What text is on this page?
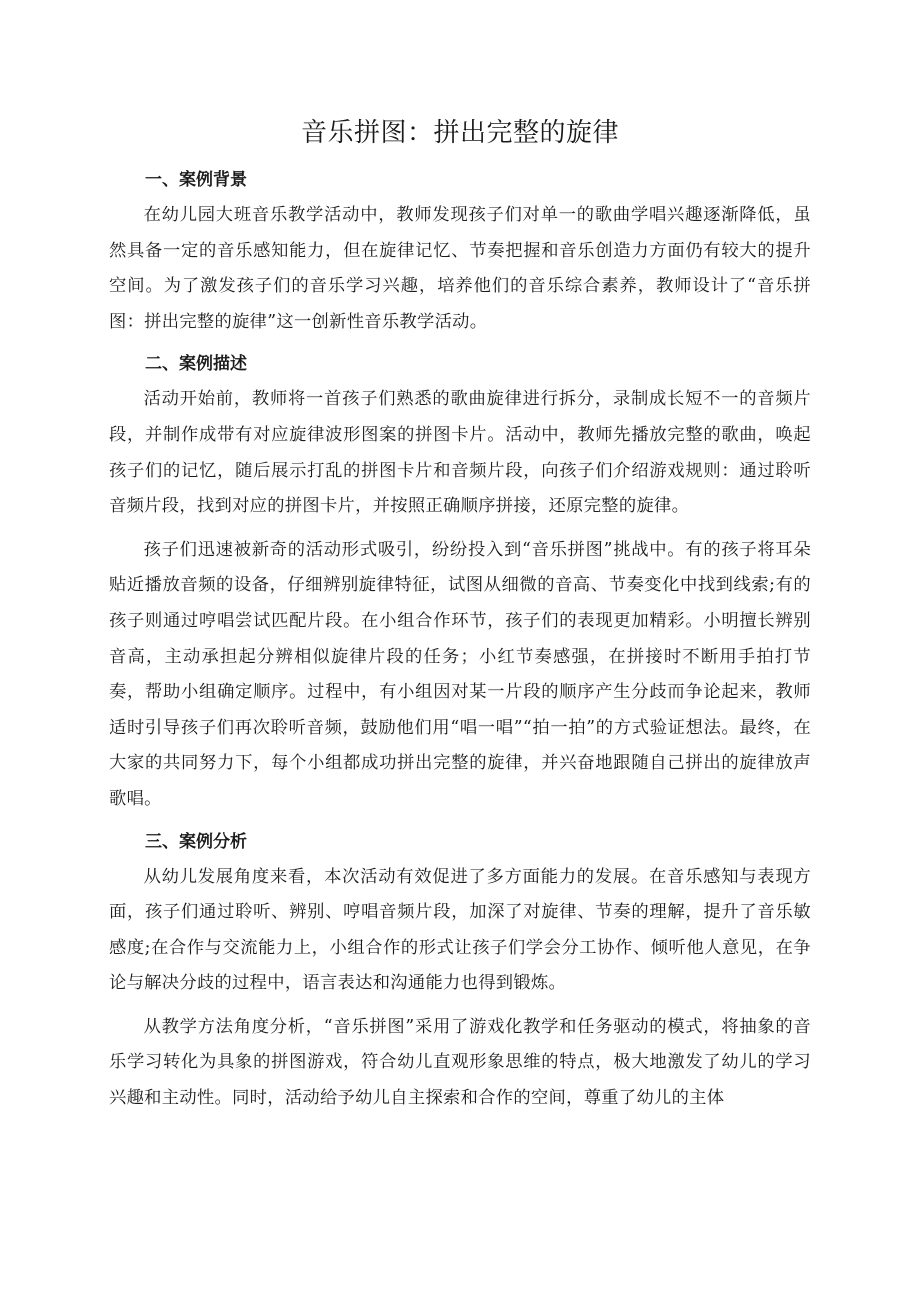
音乐拼图：拼出完整的旋律
一、案例背景

在幼儿园大班音乐教学活动中，教师发现孩子们对单一的歌曲学唱兴趣逐渐降低，虽然具备一定的音乐感知能力，但在旋律记忆、节奏把握和音乐创造力方面仍有较大的提升空间。为了激发孩子们的音乐学习兴趣，培养他们的音乐综合素养，教师设计了“音乐拼图：拼出完整的旋律”这一创新性音乐教学活动。

二、案例描述

活动开始前，教师将一首孩子们熟悉的歌曲旋律进行拆分，录制成长短不一的音频片段，并制作成带有对应旋律波形图案的拼图卡片。活动中，教师先播放完整的歌曲，唤起孩子们的记忆，随后展示打乱的拼图卡片和音频片段，向孩子们介绍游戏规则：通过聆听音频片段，找到对应的拼图卡片，并按照正确顺序拼接，还原完整的旋律。

孩子们迅速被新奇的活动形式吸引，纷纷投入到“音乐拼图”挑战中。有的孩子将耳朵贴近播放音频的设备，仔细辨别旋律特征，试图从细微的音高、节奏变化中找到线索;有的孩子则通过哼唱尝试匹配片段。在小组合作环节，孩子们的表现更加精彩。小明擅长辨别音高，主动承担起分辨相似旋律片段的任务；小红节奏感强，在拼接时不断用手拍打节奏，帮助小组确定顺序。过程中，有小组因对某一片段的顺序产生分歧而争论起来，教师适时引导孩子们再次聆听音频，鼓励他们用“唱一唱”“拍一拍”的方式验证想法。最终，在大家的共同努力下，每个小组都成功拼出完整的旋律，并兴奋地跟随自己拼出的旋律放声歌唱。

三、案例分析

从幼儿发展角度来看，本次活动有效促进了多方面能力的发展。在音乐感知与表现方面，孩子们通过聆听、辨别、哼唱音频片段，加深了对旋律、节奏的理解，提升了音乐敏感度;在合作与交流能力上，小组合作的形式让孩子们学会分工协作、倾听他人意见，在争论与解决分歧的过程中，语言表达和沟通能力也得到锻炼。

从教学方法角度分析，“音乐拼图”采用了游戏化教学和任务驱动的模式，将抽象的音乐学习转化为具象的拼图游戏，符合幼儿直观形象思维的特点，极大地激发了幼儿的学习兴趣和主动性。同时，活动给予幼儿自主探索和合作的空间，尊重了幼儿的主体
